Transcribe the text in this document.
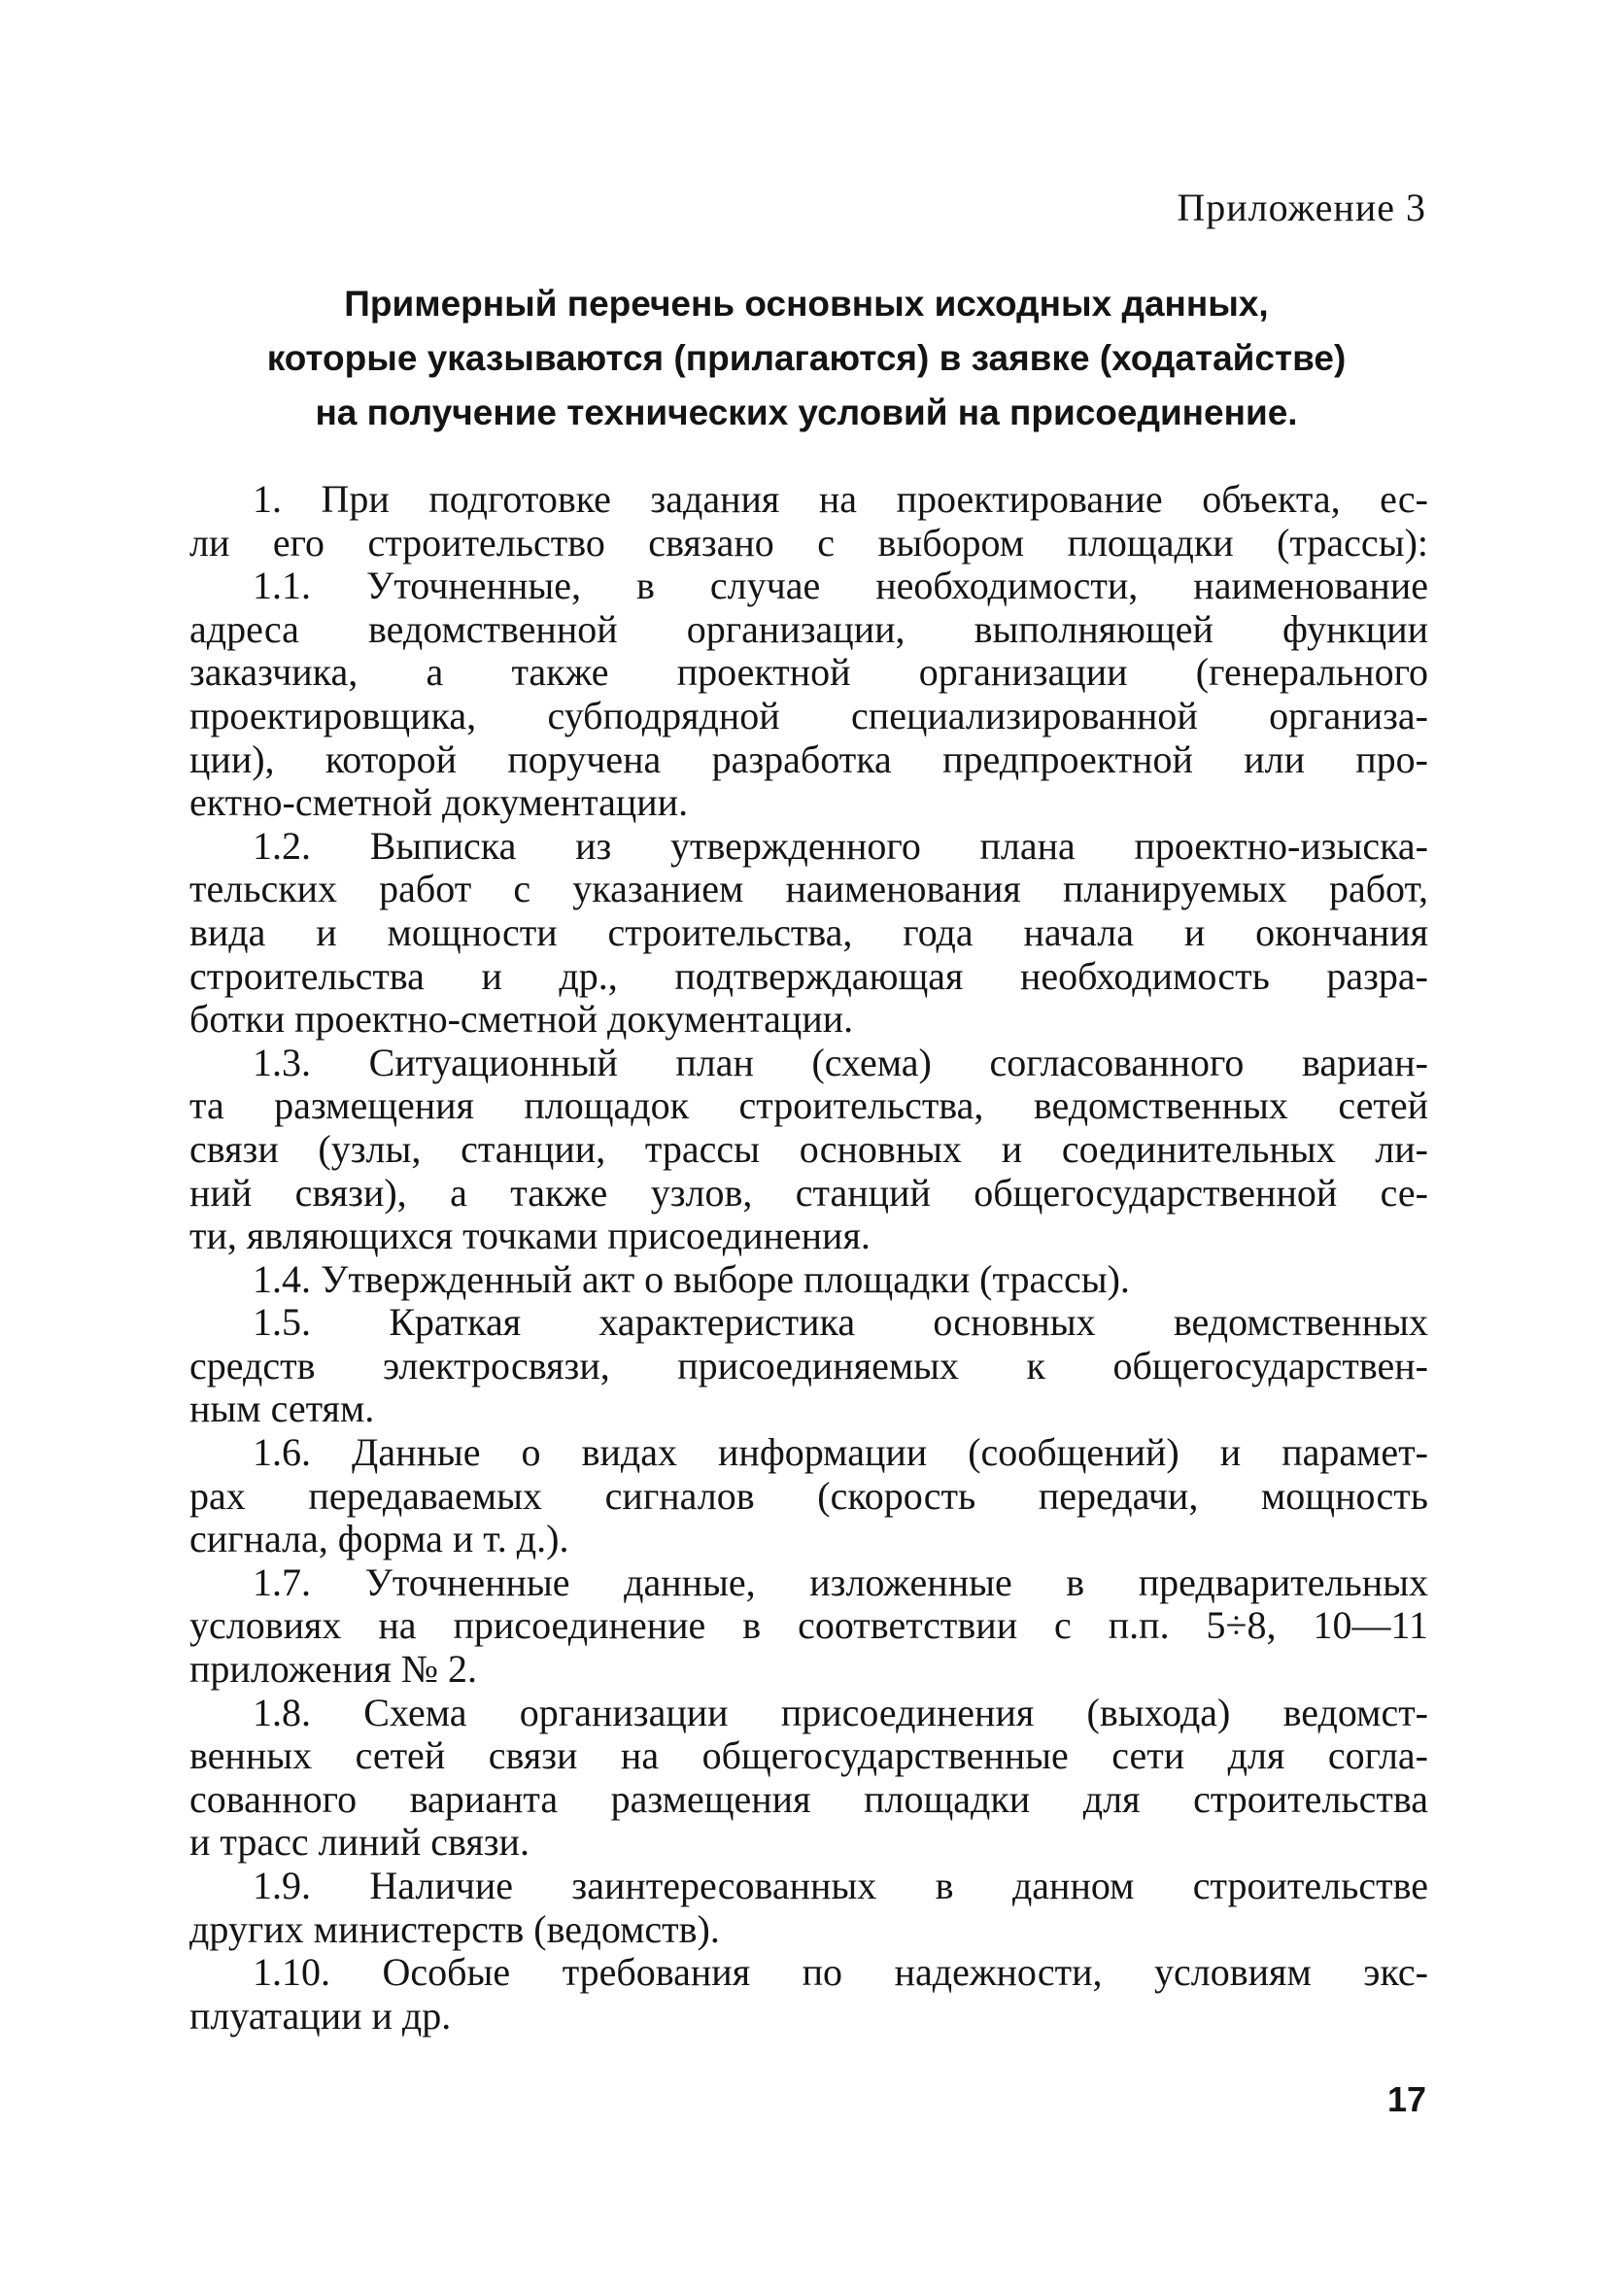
Приложение 3
Примерный перечень основных исходных данных,
которые указываются (прилагаются) в заявке (ходатайстве)
на получение технических условий на присоединение.
1. При подготовке задания на проектирование объекта, ес-
ли его строительство связано с выбором площадки (трассы):
1.1. Уточненные, в случае необходимости, наименование
адреса ведомственной организации, выполняющей функции
заказчика, а также проектной организации (генерального
проектировщика, субподрядной специализированной организа-
ции), которой поручена разработка предпроектной или про-
ектно-сметной документации.
1.2. Выписка из утвержденного плана проектно-изыска-
тельских работ с указанием наименования планируемых работ,
вида и мощности строительства, года начала и окончания
строительства и др., подтверждающая необходимость разра-
ботки проектно-сметной документации.
1.3. Ситуационный план (схема) согласованного вариан-
та размещения площадок строительства, ведомственных сетей
связи (узлы, станции, трассы основных и соединительных ли-
ний связи), а также узлов, станций общегосударственной се-
ти, являющихся точками присоединения.
1.4. Утвержденный акт о выборе площадки (трассы).
1.5. Краткая характеристика основных ведомственных
средств электросвязи, присоединяемых к общегосударствен-
ным сетям.
1.6. Данные о видах информации (сообщений) и парамет-
рах передаваемых сигналов (скорость передачи, мощность
сигнала, форма и т. д.).
1.7. Уточненные данные, изложенные в предварительных
условиях на присоединение в соответствии с п.п. 5÷8, 10—11
приложения № 2.
1.8. Схема организации присоединения (выхода) ведомст-
венных сетей связи на общегосударственные сети для согла-
сованного варианта размещения площадки для строительства
и трасс линий связи.
1.9. Наличие заинтересованных в данном строительстве
других министерств (ведомств).
1.10. Особые требования по надежности, условиям экс-
плуатации и др.
17
